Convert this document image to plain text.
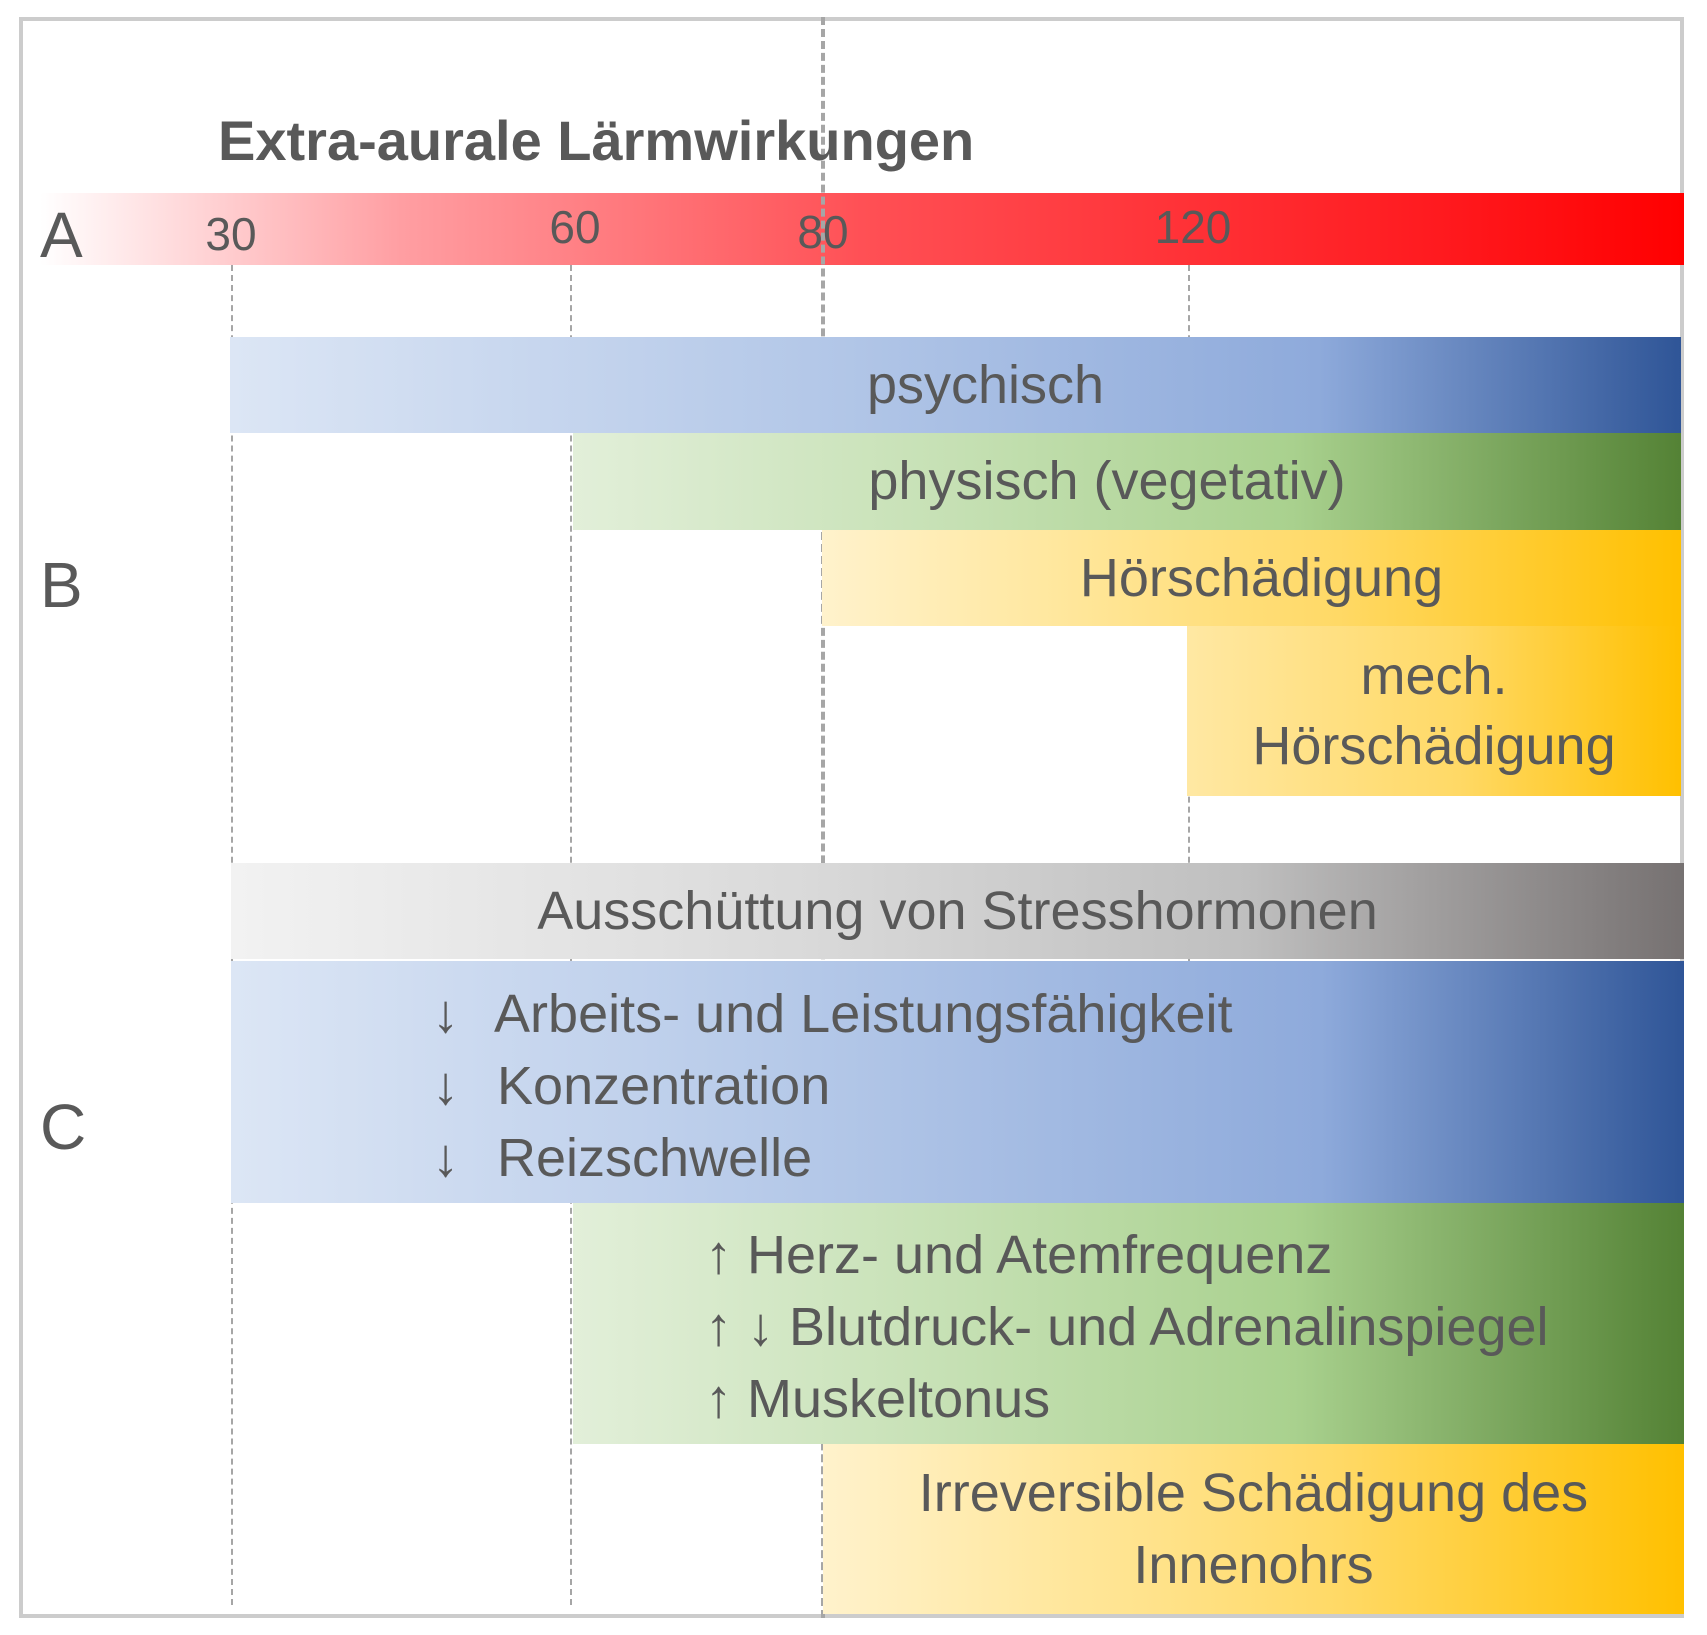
Extra-aurale Lärmwirkungen
A	30	60	80	120
B
psychisch
physisch (vegetativ)
Hörschädigung
mech.
Hörschädigung
C
Ausschüttung von Stresshormonen
↓ Arbeits- und Leistungsfähigkeit
↓ Konzentration
↓ Reizschwelle
↑ Herz- und Atemfrequenz
↑ ↓ Blutdruck- und Adrenalinspiegel
↑ Muskeltonus
Irreversible Schädigung des
Innenohrs
